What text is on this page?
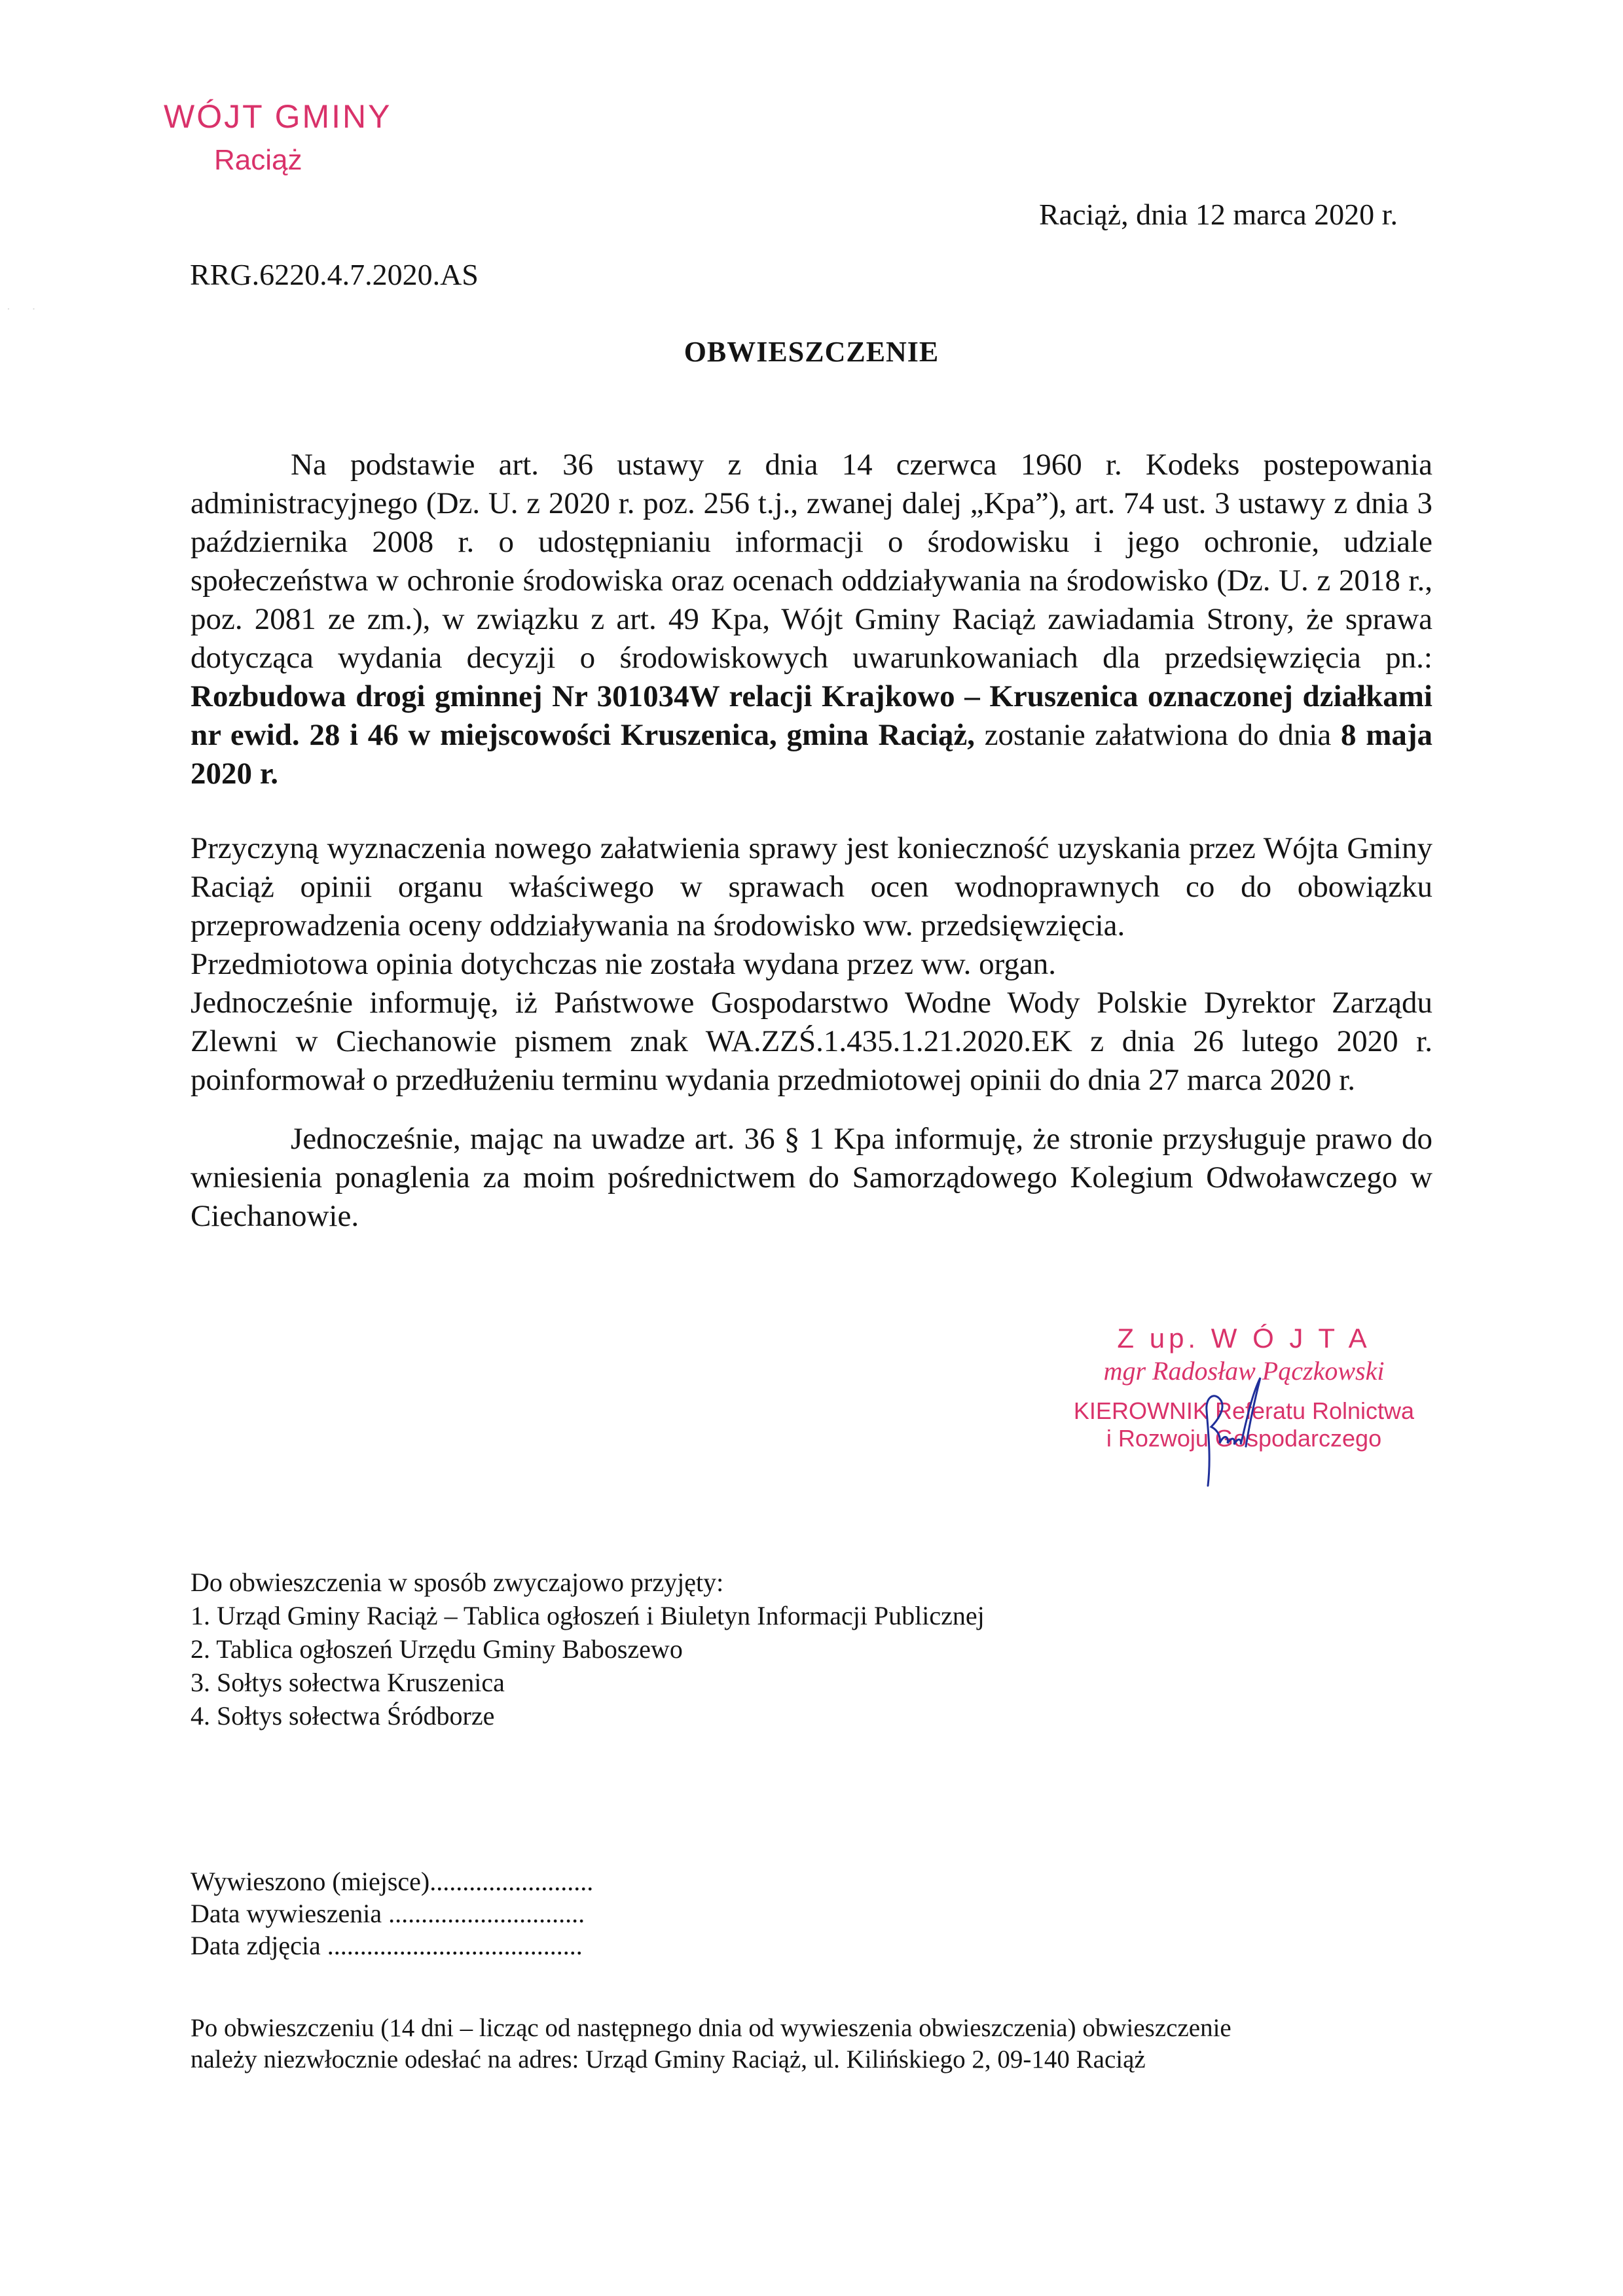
· ·
WÓJT GMINY
Raciąż
Raciąż, dnia 12 marca 2020 r.
RRG.6220.4.7.2020.AS
OBWIESZCZENIE

Na podstawie art. 36 ustawy z dnia 14 czerwca 1960 r. Kodeks postepowania administracyjnego (Dz. U. z 2020 r. poz. 256 t.j., zwanej dalej „Kpa”), art. 74 ust. 3 ustawy z dnia 3 października 2008 r. o udostępnianiu informacji o środowisku i jego ochronie, udziale społeczeństwa w ochronie środowiska oraz ocenach oddziaływania na środowisko (Dz. U. z 2018 r., poz. 2081 ze zm.), w związku z art. 49 Kpa, Wójt Gminy Raciąż zawiadamia Strony, że sprawa dotycząca wydania decyzji o środowiskowych uwarunkowaniach dla przedsięwzięcia pn.: Rozbudowa drogi gminnej Nr 301034W relacji Krajkowo – Kruszenica oznaczonej działkami nr ewid. 28 i 46 w miejscowości Kruszenica, gmina Raciąż, zostanie załatwiona do dnia 8 maja 2020 r.

Przyczyną wyznaczenia nowego załatwienia sprawy jest konieczność uzyskania przez Wójta Gminy Raciąż opinii organu właściwego w sprawach ocen wodnoprawnych co do obowiązku przeprowadzenia oceny oddziaływania na środowisko ww. przedsięwzięcia.

Przedmiotowa opinia dotychczas nie została wydana przez ww. organ.

Jednocześnie informuję, iż Państwowe Gospodarstwo Wodne Wody Polskie Dyrektor Zarządu Zlewni w Ciechanowie pismem znak WA.ZZŚ.1.435.1.21.2020.EK z dnia 26 lutego 2020 r. poinformował o przedłużeniu terminu wydania przedmiotowej opinii do dnia 27 marca 2020 r.

Jednocześnie, mając na uwadze art. 36 § 1 Kpa informuję, że stronie przysługuje prawo do wniesienia ponaglenia za moim pośrednictwem do Samorządowego Kolegium Odwoławczego w Ciechanowie.

Z up. W Ó J T A
mgr Radosław Pączkowski
KIEROWNIK Referatu Rolnictwa
i Rozwoju Gospodarczego
Do obwieszczenia w sposób zwyczajowo przyjęty:
1. Urząd Gminy Raciąż – Tablica ogłoszeń i Biuletyn Informacji Publicznej
2. Tablica ogłoszeń Urzędu Gminy Baboszewo
3. Sołtys sołectwa Kruszenica
4. Sołtys sołectwa Śródborze
Wywieszono (miejsce).........................
Data wywieszenia ..............................
Data zdjęcia .......................................
Po obwieszczeniu (14 dni – licząc od następnego dnia od wywieszenia obwieszczenia) obwieszczenie należy niezwłocznie odesłać na adres: Urząd Gminy Raciąż, ul. Kilińskiego 2, 09-140 Raciąż
